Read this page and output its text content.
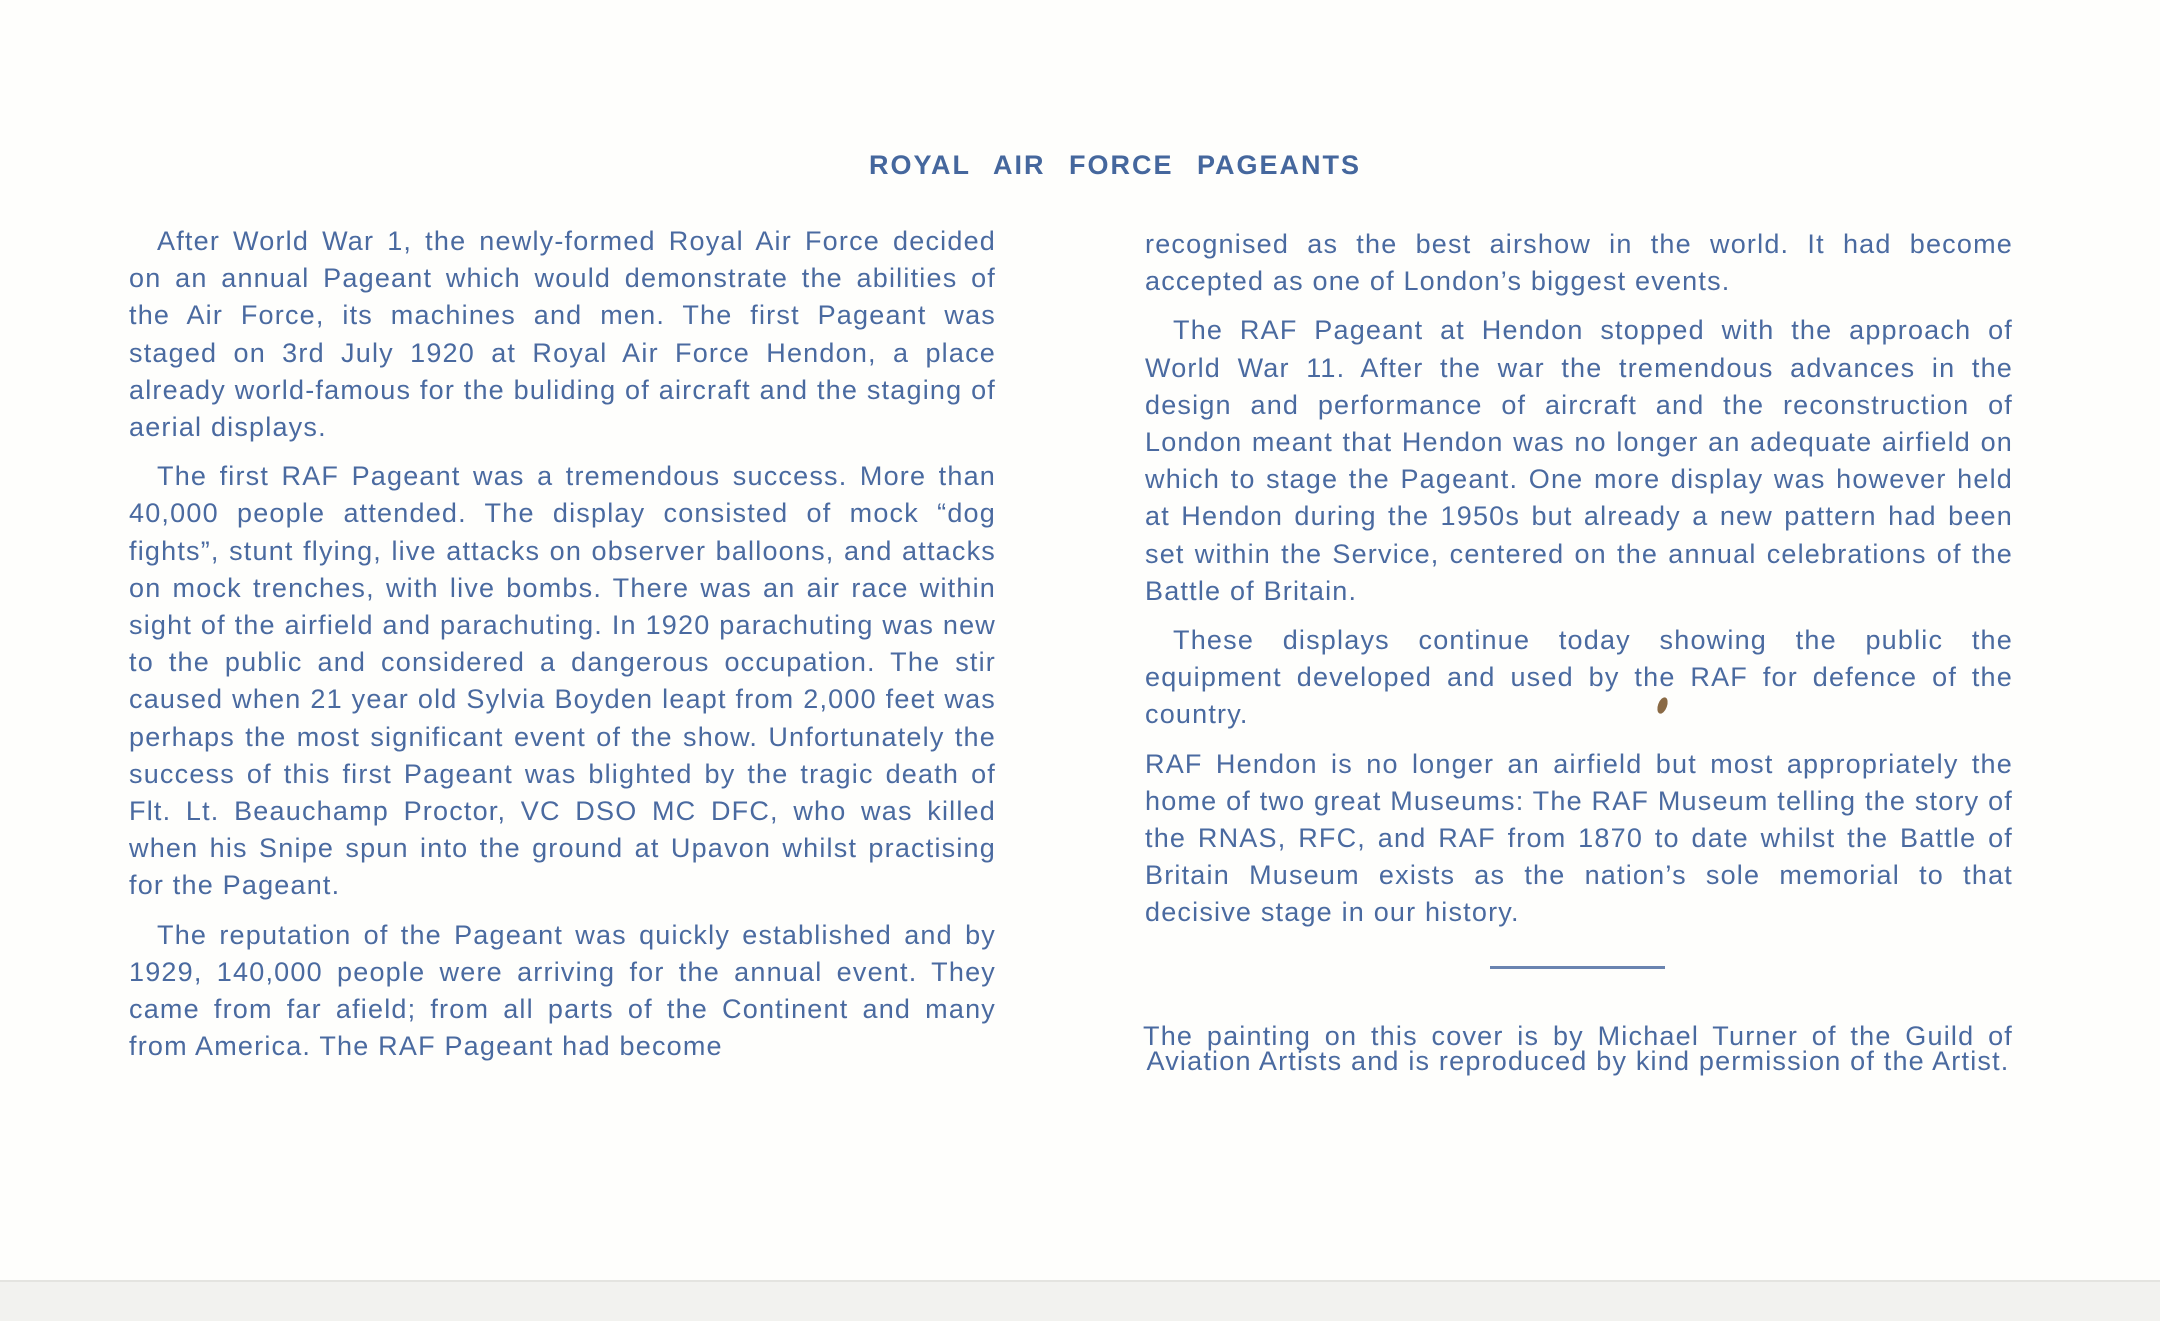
ROYAL AIR FORCE PAGEANTS

After World War 1, the newly-formed Royal Air Force decided on an annual Pageant which would demonstrate the abilities of the Air Force, its machines and men. The first Pageant was staged on 3rd July 1920 at Royal Air Force Hendon, a place already world-famous for the buliding of aircraft and the staging of aerial displays.

The first RAF Pageant was a tremendous success. More than 40,000 people attended. The display consisted of mock “dog fights”, stunt flying, live attacks on observer balloons, and attacks on mock trenches, with live bombs. There was an air race within sight of the airfield and parachuting. In 1920 parachuting was new to the public and considered a dangerous occupation. The stir caused when 21 year old Sylvia Boyden leapt from 2,000 feet was perhaps the most significant event of the show. Unfortunately the success of this first Pageant was blighted by the tragic death of Flt. Lt. Beauchamp Proctor, VC DSO MC DFC, who was killed when his Snipe spun into the ground at Upavon whilst practising for the Pageant.

The reputation of the Pageant was quickly established and by 1929, 140,000 people were arriving for the annual event. They came from far afield; from all parts of the Continent and many from America. The RAF Pageant had become

recognised as the best airshow in the world. It had become accepted as one of London’s biggest events.

The RAF Pageant at Hendon stopped with the approach of World War 11. After the war the tremendous advances in the design and performance of aircraft and the reconstruction of London meant that Hendon was no longer an adequate airfield on which to stage the Pageant. One more display was however held at Hendon during the 1950s but already a new pattern had been set within the Service, centered on the annual celebrations of the Battle of Britain.

These displays continue today showing the public the equipment developed and used by the RAF for defence of the country.

RAF Hendon is no longer an airfield but most appropriately the home of two great Museums: The RAF Museum telling the story of the RNAS, RFC, and RAF from 1870 to date whilst the Battle of Britain Museum exists as the nation’s sole memorial to that decisive stage in our history.

The painting on this cover is by Michael Turner of the Guild of Aviation Artists and is reproduced by kind permission of the Artist.
